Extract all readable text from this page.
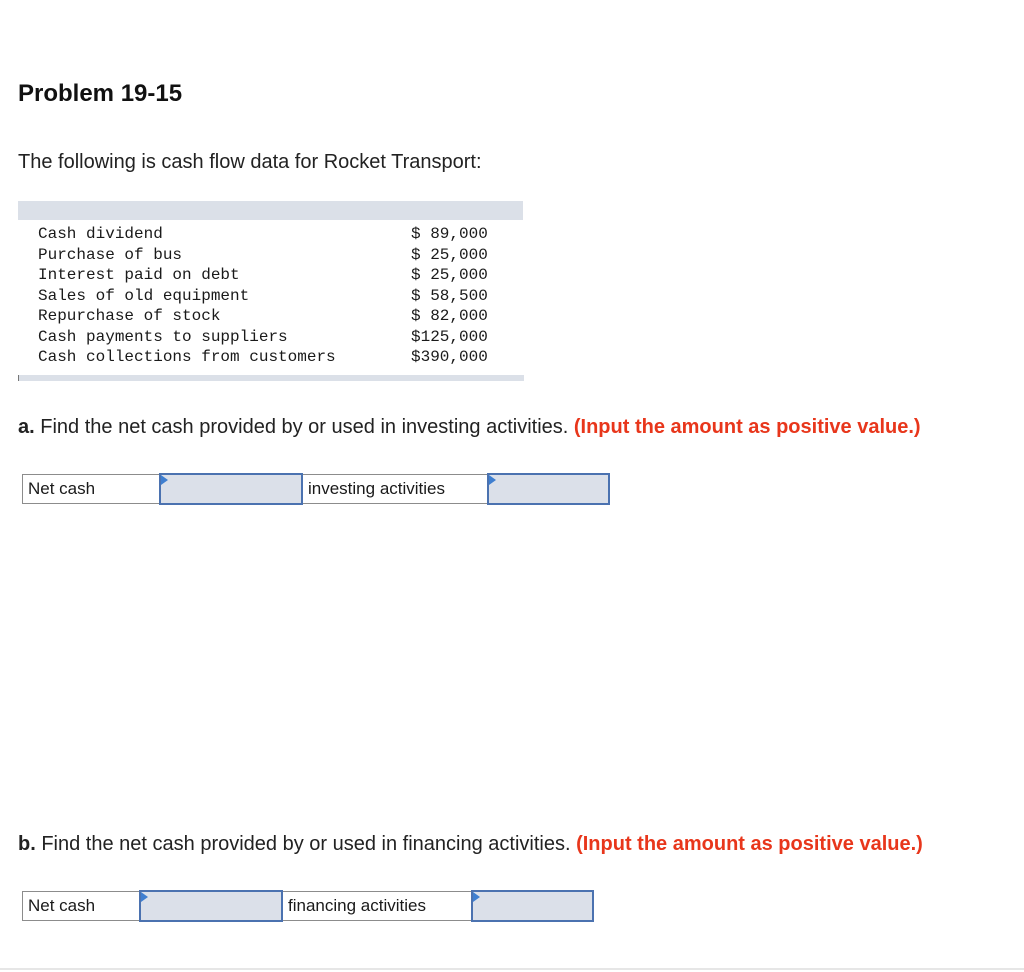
Problem 19-15

The following is cash flow data for Rocket Transport:

Cash dividend	$ 89,000
Purchase of bus	$ 25,000
Interest paid on debt	$ 25,000
Sales of old equipment	$ 58,500
Repurchase of stock	$ 82,000
Cash payments to suppliers	$125,000
Cash collections from customers	$390,000

a. Find the net cash provided by or used in investing activities. (Input the amount as positive value.)

Net cash	investing activities

b. Find the net cash provided by or used in financing activities. (Input the amount as positive value.)

Net cash	financing activities
